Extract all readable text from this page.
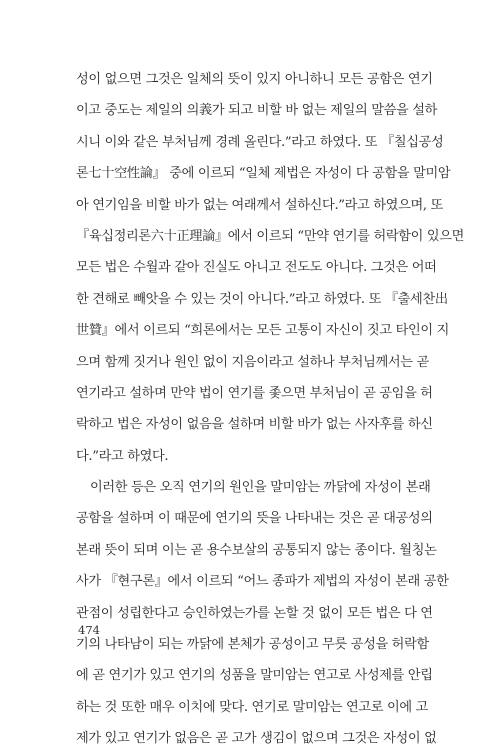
성이 없으면 그것은 일체의 뜻이 있지 아니하니 모든 공함은 연기
이고 중도는 제일의 의義가 되고 비할 바 없는 제일의 말씀을 설하
시니 이와 같은 부처님께 경례 올린다.”라고 하였다. 또 『칠십공성
론七十空性論』 중에 이르되 “일체 제법은 자성이 다 공함을 말미암
아 연기임을 비할 바가 없는 여래께서 설하신다.”라고 하였으며, 또
『육십정리론六十正理論』에서 이르되 “만약 연기를 허락함이 있으면
모든 법은 수월과 같아 진실도 아니고 전도도 아니다. 그것은 어떠
한 견해로 빼앗을 수 있는 것이 아니다.”라고 하였다. 또 『출세찬出
世贊』에서 이르되 “희론에서는 모든 고통이 자신이 짓고 타인이 지
으며 함께 짓거나 원인 없이 지음이라고 설하나 부처님께서는 곧
연기라고 설하며 만약 법이 연기를 좇으면 부처님이 곧 공임을 허
락하고 법은 자성이 없음을 설하며 비할 바가 없는 사자후를 하신
다.”라고 하였다.
이러한 등은 오직 연기의 원인을 말미암는 까닭에 자성이 본래
공함을 설하며 이 때문에 연기의 뜻을 나타내는 것은 곧 대공성의
본래 뜻이 되며 이는 곧 용수보살의 공통되지 않는 종이다. 월칭논
사가 『현구론』에서 이르되 “어느 종파가 제법의 자성이 본래 공한
관점이 성립한다고 승인하였는가를 논할 것 없이 모든 법은 다 연
기의 나타남이 되는 까닭에 본체가 공성이고 무릇 공성을 허락함
에 곧 연기가 있고 연기의 성품을 말미암는 연고로 사성제를 안립
하는 것 또한 매우 이치에 맞다. 연기로 말미암는 연고로 이에 고
제가 있고 연기가 없음은 곧 고가 생김이 없으며 그것은 자성이 없
474
